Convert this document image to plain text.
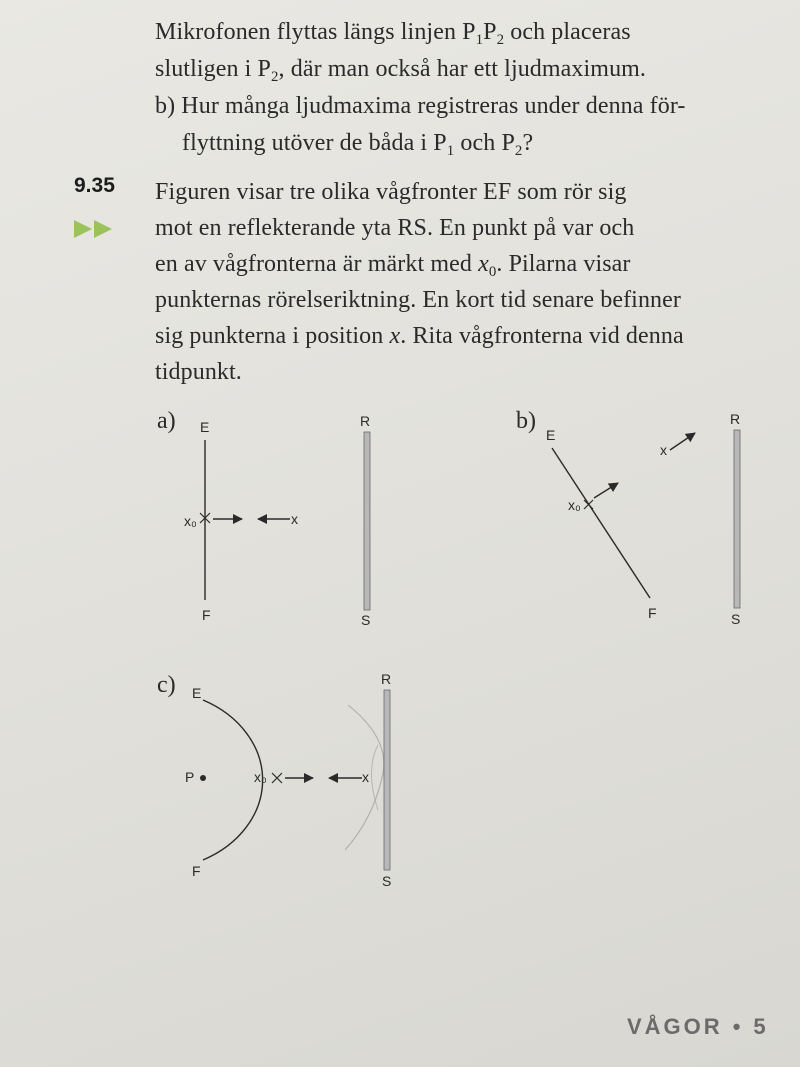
Mikrofonen flyttas längs linjen $P_1P_2$ och placeras
slutligen i $P_2$, där man också har ett ljudmaximum.
b) Hur många ljudmaxima registreras under denna för-
flyttning utöver de båda i $P_1$ och $P_2$?
9.35 Figuren visar tre olika vågfronter EF som rör sig
mot en reflekterande yta RS. En punkt på var och
en av vågfronterna är märkt med $x_0$. Pilarna visar
punkternas rörelseriktning. En kort tid senare befinner
sig punkterna i position x. Rita vågfronterna vid denna
tidpunkt.
a)	b)
c)
E
F
x₀	x
R
S
E
F
x₀
x
R
S
E
F
P	x₀	x
R
S
VÅGOR • 5
